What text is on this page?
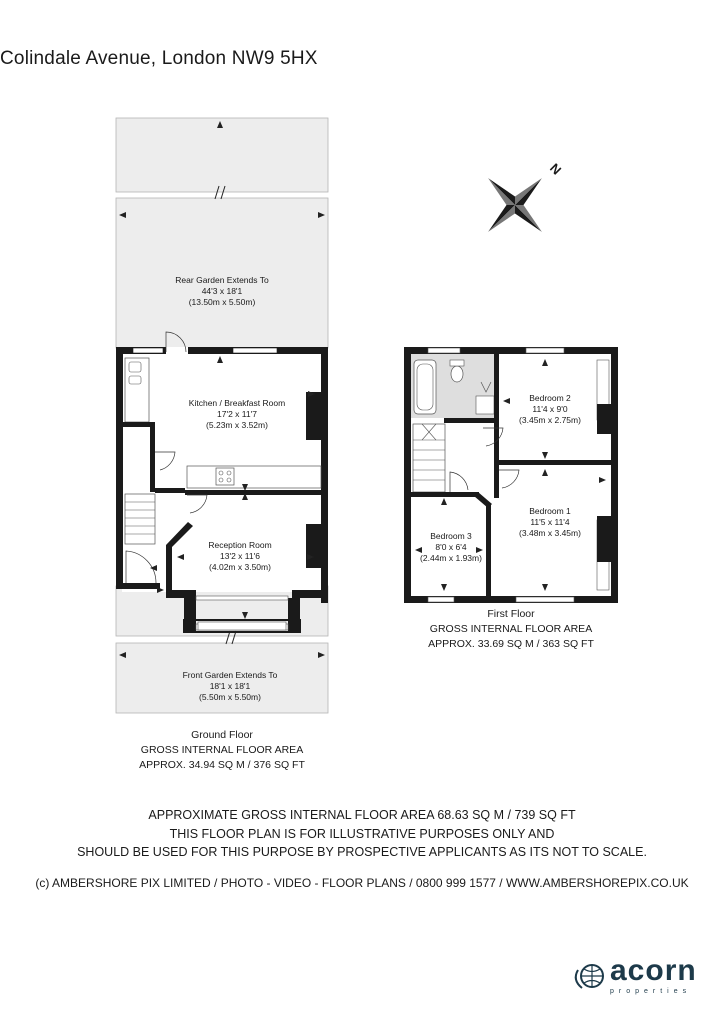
Colindale Avenue, London NW9 5HX
N
Rear Garden Extends To
44'3 x 18'1
(13.50m x 5.50m)
Kitchen / Breakfast Room
17'2 x 11'7
(5.23m x 3.52m)
Reception Room
13'2 x 11'6
(4.02m x 3.50m)
Front Garden Extends To
18'1 x 18'1
(5.50m x 5.50m)
Bedroom 2
11'4 x 9'0
(3.45m x 2.75m)
Bedroom 1
11'5 x 11'4
(3.48m x 3.45m)
Bedroom 3
8'0 x 6'4
(2.44m x 1.93m)
Ground Floor
GROSS INTERNAL FLOOR AREA
APPROX. 34.94 SQ M / 376 SQ FT
First Floor
GROSS INTERNAL FLOOR AREA
APPROX. 33.69 SQ M / 363 SQ FT
APPROXIMATE GROSS INTERNAL FLOOR AREA 68.63 SQ M / 739 SQ FT
THIS FLOOR PLAN IS FOR ILLUSTRATIVE PURPOSES ONLY AND
SHOULD BE USED FOR THIS PURPOSE BY PROSPECTIVE APPLICANTS AS ITS NOT TO SCALE.
(c) AMBERSHORE PIX LIMITED / PHOTO - VIDEO - FLOOR PLANS / 0800 999 1577 / WWW.AMBERSHOREPIX.CO.UK
acorn
properties
